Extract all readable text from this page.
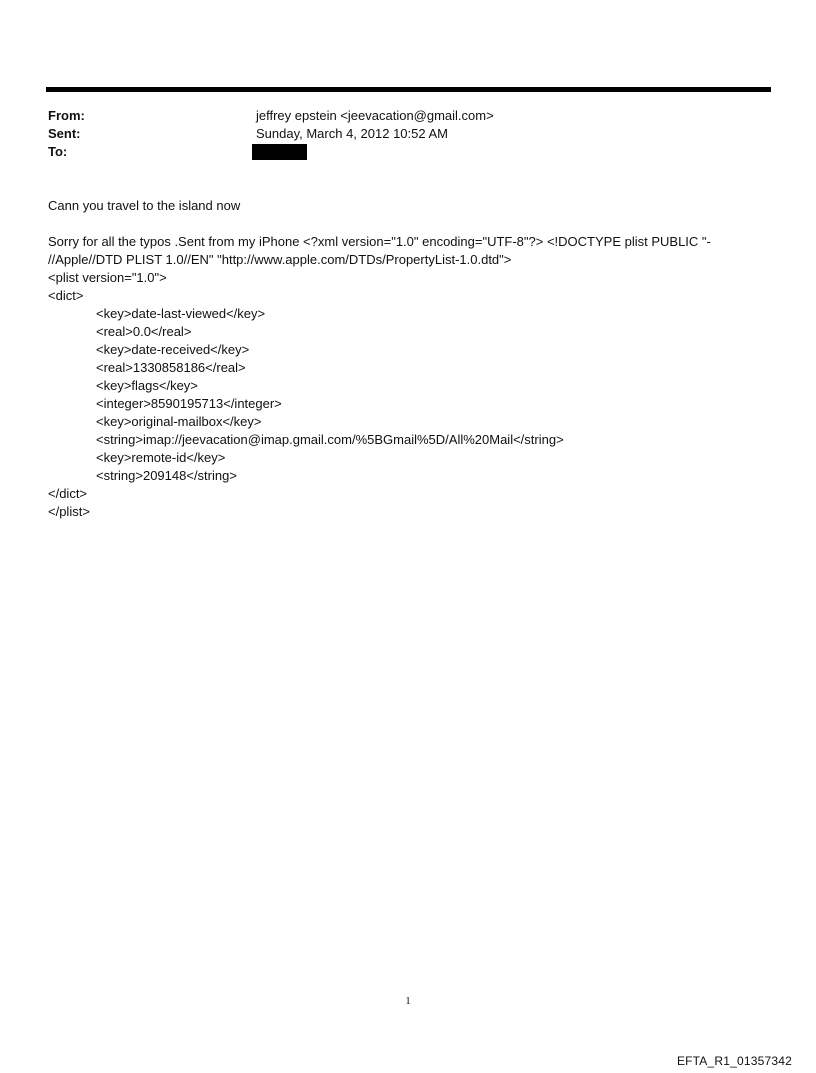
From:	jeffrey epstein <jeevacation@gmail.com>
Sent:	Sunday, March 4, 2012 10:52 AM
To:

Cann you travel to the island now

Sorry for all the typos .Sent from my iPhone <?xml version="1.0" encoding="UTF-8"?> <!DOCTYPE plist PUBLIC "-

//Apple//DTD PLIST 1.0//EN" "http://www.apple.com/DTDs/PropertyList-1.0.dtd">

<plist version="1.0">

<dict>

<key>date-last-viewed</key>

<real>0.0</real>

<key>date-received</key>

<real>1330858186</real>

<key>flags</key>

<integer>8590195713</integer>

<key>original-mailbox</key>

<string>imap://jeevacation@imap.gmail.com/%5BGmail%5D/All%20Mail</string>

<key>remote-id</key>

<string>209148</string>

</dict>

</plist>

1
EFTA_R1_01357342
